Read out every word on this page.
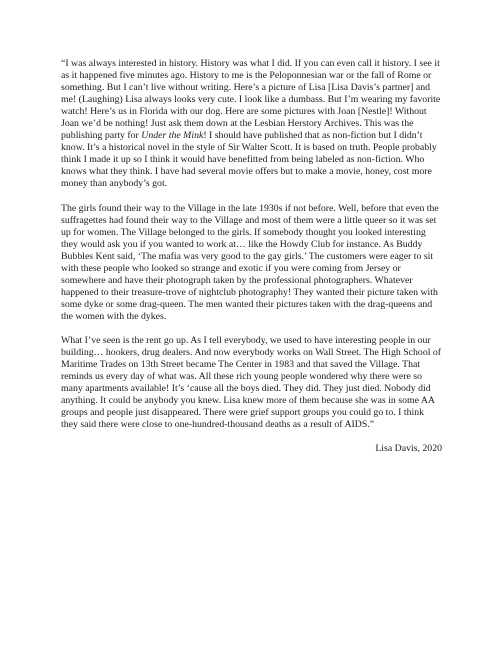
“I was always interested in history. History was what I did. If you can even call it history. I see it as it happened five minutes ago. History to me is the Peloponnesian war or the fall of Rome or something. But I can’t live without writing. Here’s a picture of Lisa [Lisa Davis’s partner] and me! (Laughing) Lisa always looks very cute. I look like a dumbass. But I’m wearing my favorite watch! Here’s us in Florida with our dog. Here are some pictures with Joan [Nestle]! Without Joan we’d be nothing! Just ask them down at the Lesbian Herstory Archives. This was the publishing party for Under the Mink! I should have published that as non-fiction but I didn’t know. It’s a historical novel in the style of Sir Walter Scott. It is based on truth. People probably think I made it up so I think it would have benefitted from being labeled as non-fiction. Who knows what they think. I have had several movie offers but to make a movie, honey, cost more money than anybody’s got.

The girls found their way to the Village in the late 1930s if not before. Well, before that even the suffragettes had found their way to the Village and most of them were a little queer so it was set up for women. The Village belonged to the girls. If somebody thought you looked interesting they would ask you if you wanted to work at… like the Howdy Club for instance. As Buddy Bubbles Kent said, ‘The mafia was very good to the gay girls.’ The customers were eager to sit with these people who looked so strange and exotic if you were coming from Jersey or somewhere and have their photograph taken by the professional photographers. Whatever happened to their treasure-trove of nightclub photography! They wanted their picture taken with some dyke or some drag-queen. The men wanted their pictures taken with the drag-queens and the women with the dykes.

What I’ve seen is the rent go up. As I tell everybody, we used to have interesting people in our building… hookers, drug dealers. And now everybody works on Wall Street. The High School of Maritime Trades on 13th Street became The Center in 1983 and that saved the Village. That reminds us every day of what was. All these rich young people wondered why there were so many apartments available! It’s ‘cause all the boys died. They did. They just died. Nobody did anything. It could be anybody you knew. Lisa knew more of them because she was in some AA groups and people just disappeared. There were grief support groups you could go to. I think they said there were close to one-hundred-thousand deaths as a result of AIDS.”

Lisa Davis, 2020
